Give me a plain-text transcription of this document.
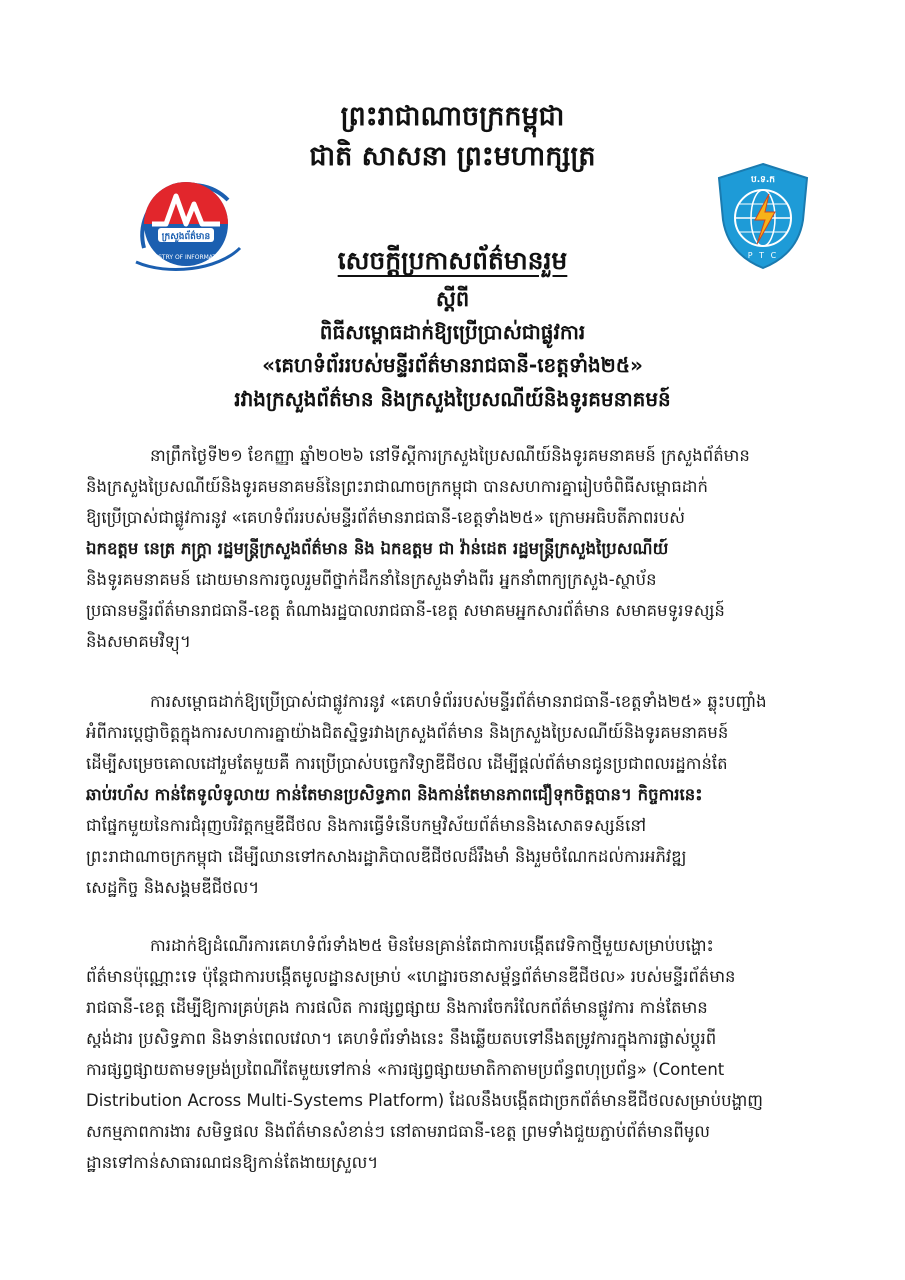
ព្រះរាជាណាចក្រកម្ពុជា
ជាតិ សាសនា ព្រះមហាក្សត្រ
ក្រសួងព័ត៌មាន
MINISTRY OF INFORMATION
ប.ទ.ក
P T C
សេចក្ដីប្រកាសព័ត៌មានរួម
ស្ដីពី
ពិធីសម្ពោធដាក់ឱ្យប្រើប្រាស់ជាផ្លូវការ
«គេហទំព័ររបស់មន្ទីរព័ត៌មានរាជធានី-ខេត្តទាំង២៥»
រវាងក្រសួងព័ត៌មាន និងក្រសួងប្រៃសណីយ៍និងទូរគមនាគមន៍
នាព្រឹកថ្ងៃទី២១ ខែកញ្ញា ឆ្នាំ២០២៦ នៅទីស្ដីការក្រសួងប្រៃសណីយ៍និងទូរគមនាគមន៍ ក្រសួងព័ត៌មាន
និងក្រសួងប្រៃសណីយ៍និងទូរគមនាគមន៍នៃព្រះរាជាណាចក្រកម្ពុជា បានសហការគ្នារៀបចំពិធីសម្ពោធដាក់
ឱ្យប្រើប្រាស់ជាផ្លូវការនូវ «គេហទំព័ររបស់មន្ទីរព័ត៌មានរាជធានី-ខេត្តទាំង២៥» ក្រោមអធិបតីភាពរបស់
ឯកឧត្ដម នេត្រ ភក្ត្រា រដ្ឋមន្ត្រីក្រសួងព័ត៌មាន និង ឯកឧត្ដម ជា វ៉ាន់ដេត រដ្ឋមន្ត្រីក្រសួងប្រៃសណីយ៍
និងទូរគមនាគមន៍ ដោយមានការចូលរួមពីថ្នាក់ដឹកនាំនៃក្រសួងទាំងពីរ អ្នកនាំពាក្យក្រសួង-ស្ថាប័ន
ប្រធានមន្ទីរព័ត៌មានរាជធានី-ខេត្ត តំណាងរដ្ឋបាលរាជធានី-ខេត្ត សមាគមអ្នកសារព័ត៌មាន សមាគមទូរទស្សន៍
និងសមាគមវិទ្យុ។
ការសម្ពោធដាក់ឱ្យប្រើប្រាស់ជាផ្លូវការនូវ «គេហទំព័ររបស់មន្ទីរព័ត៌មានរាជធានី-ខេត្តទាំង២៥» ឆ្លុះបញ្ចាំង
អំពីការប្តេជ្ញាចិត្តក្នុងការសហការគ្នាយ៉ាងជិតស្និទ្ធរវាងក្រសួងព័ត៌មាន និងក្រសួងប្រៃសណីយ៍និងទូរគមនាគមន៍
ដើម្បីសម្រេចគោលដៅរួមតែមួយគឺ ការប្រើប្រាស់បច្ចេកវិទ្យាឌីជីថល ដើម្បីផ្ដល់ព័ត៌មានជូនប្រជាពលរដ្ឋកាន់តែ
ឆាប់រហ័ស កាន់តែទូលំទូលាយ កាន់តែមានប្រសិទ្ធភាព និងកាន់តែមានភាពជឿទុកចិត្តបាន។ កិច្ចការនេះ
ជាផ្នែកមួយនៃការជំរុញបរិវត្តកម្មឌីជីថល និងការធ្វើទំនើបកម្មវិស័យព័ត៌មាននិងសោតទស្សន៍នៅ
ព្រះរាជាណាចក្រកម្ពុជា ដើម្បីឈានទៅកសាងរដ្ឋាភិបាលឌីជីថលដ៏រឹងមាំ និងរួមចំណែកដល់ការអភិវឌ្ឍ
សេដ្ឋកិច្ច និងសង្គមឌីជីថល។
ការដាក់ឱ្យដំណើរការគេហទំព័រទាំង២៥ មិនមែនគ្រាន់តែជាការបង្កើតវេទិកាថ្មីមួយសម្រាប់បង្ហោះ
ព័ត៌មានប៉ុណ្ណោះទេ ប៉ុន្តែជាការបង្កើតមូលដ្ឋានសម្រាប់ «ហេដ្ឋារចនាសម្ព័ន្ធព័ត៌មានឌីជីថល» របស់មន្ទីរព័ត៌មាន
រាជធានី-ខេត្ត ដើម្បីឱ្យការគ្រប់គ្រង ការផលិត ការផ្សព្វផ្សាយ និងការចែករំលែកព័ត៌មានផ្លូវការ កាន់តែមាន
ស្តង់ដារ ប្រសិទ្ធភាព និងទាន់ពេលវេលា។ គេហទំព័រទាំងនេះ នឹងឆ្លើយតបទៅនឹងតម្រូវការក្នុងការផ្លាស់ប្តូរពី
ការផ្សព្វផ្សាយតាមទម្រង់ប្រពៃណីតែមួយទៅកាន់ «ការផ្សព្វផ្សាយមាតិកាតាមប្រព័ន្ធពហុប្រព័ន្ធ» (Content
Distribution Across Multi-Systems Platform) ដែលនឹងបង្កើតជាច្រកព័ត៌មានឌីជីថលសម្រាប់បង្ហាញ
សកម្មភាពការងារ សមិទ្ធផល និងព័ត៌មានសំខាន់ៗ នៅតាមរាជធានី-ខេត្ត ព្រមទាំងជួយភ្ជាប់ព័ត៌មានពីមូល
ដ្ឋានទៅកាន់សាធារណជនឱ្យកាន់តែងាយស្រួល។
